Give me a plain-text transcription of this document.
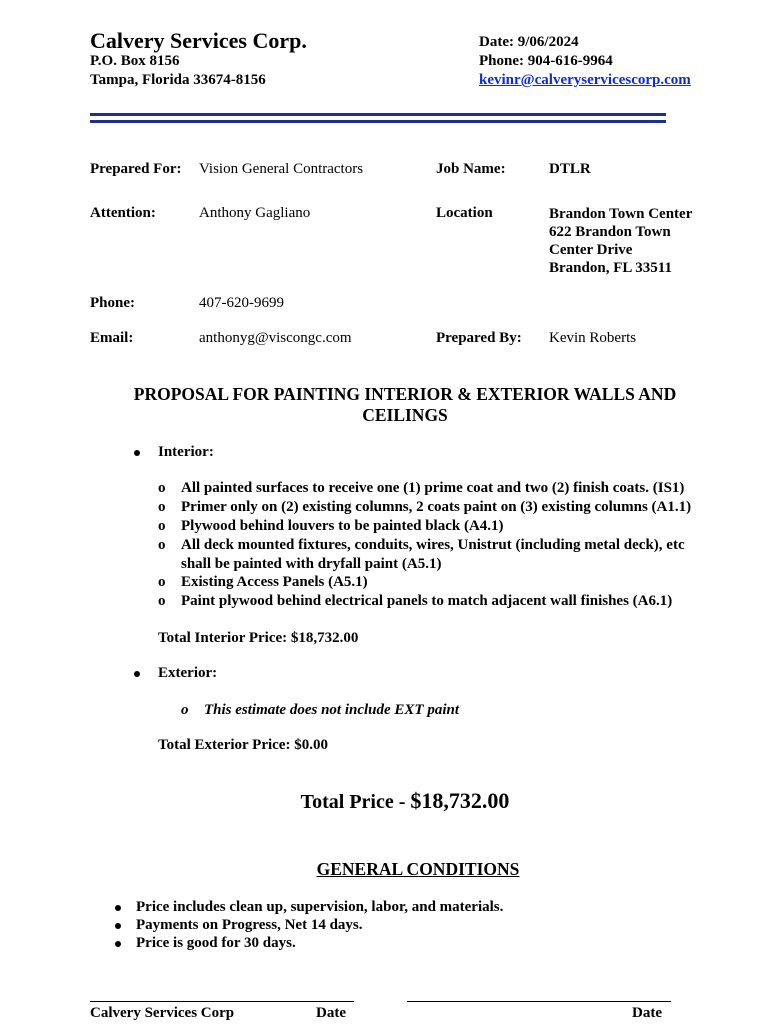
Calvery Services Corp.
P.O. Box 8156
Tampa, Florida 33674-8156
Date: 9/06/2024
Phone: 904-616-9964
kevinr@calveryservicescorp.com
Prepared For: Vision General Contractors	Job Name:	DTLR
Attention:	Anthony Gagliano	Location	Brandon Town Center
622 Brandon Town
Center Drive
Brandon, FL 33511
Phone:	407-620-9699
Email:	anthonyg@viscongc.com	Prepared By: Kevin Roberts
PROPOSAL FOR PAINTING INTERIOR & EXTERIOR WALLS AND
CEILINGS
Interior:
o All painted surfaces to receive one (1) prime coat and two (2) finish coats. (IS1)
o Primer only on (2) existing columns, 2 coats paint on (3) existing columns (A1.1)
o Plywood behind louvers to be painted black (A4.1)
o All deck mounted fixtures, conduits, wires, Unistrut (including metal deck), etc shall be painted with dryfall paint (A5.1)
o Existing Access Panels (A5.1)
o Paint plywood behind electrical panels to match adjacent wall finishes (A6.1)
Total Interior Price: $18,732.00
Exterior:
o This estimate does not include EXT paint
Total Exterior Price: $0.00
Total Price - $18,732.00
GENERAL CONDITIONS
Price includes clean up, supervision, labor, and materials.
Payments on Progress, Net 14 days.
Price is good for 30 days.
Calvery Services Corp	Date	Date
